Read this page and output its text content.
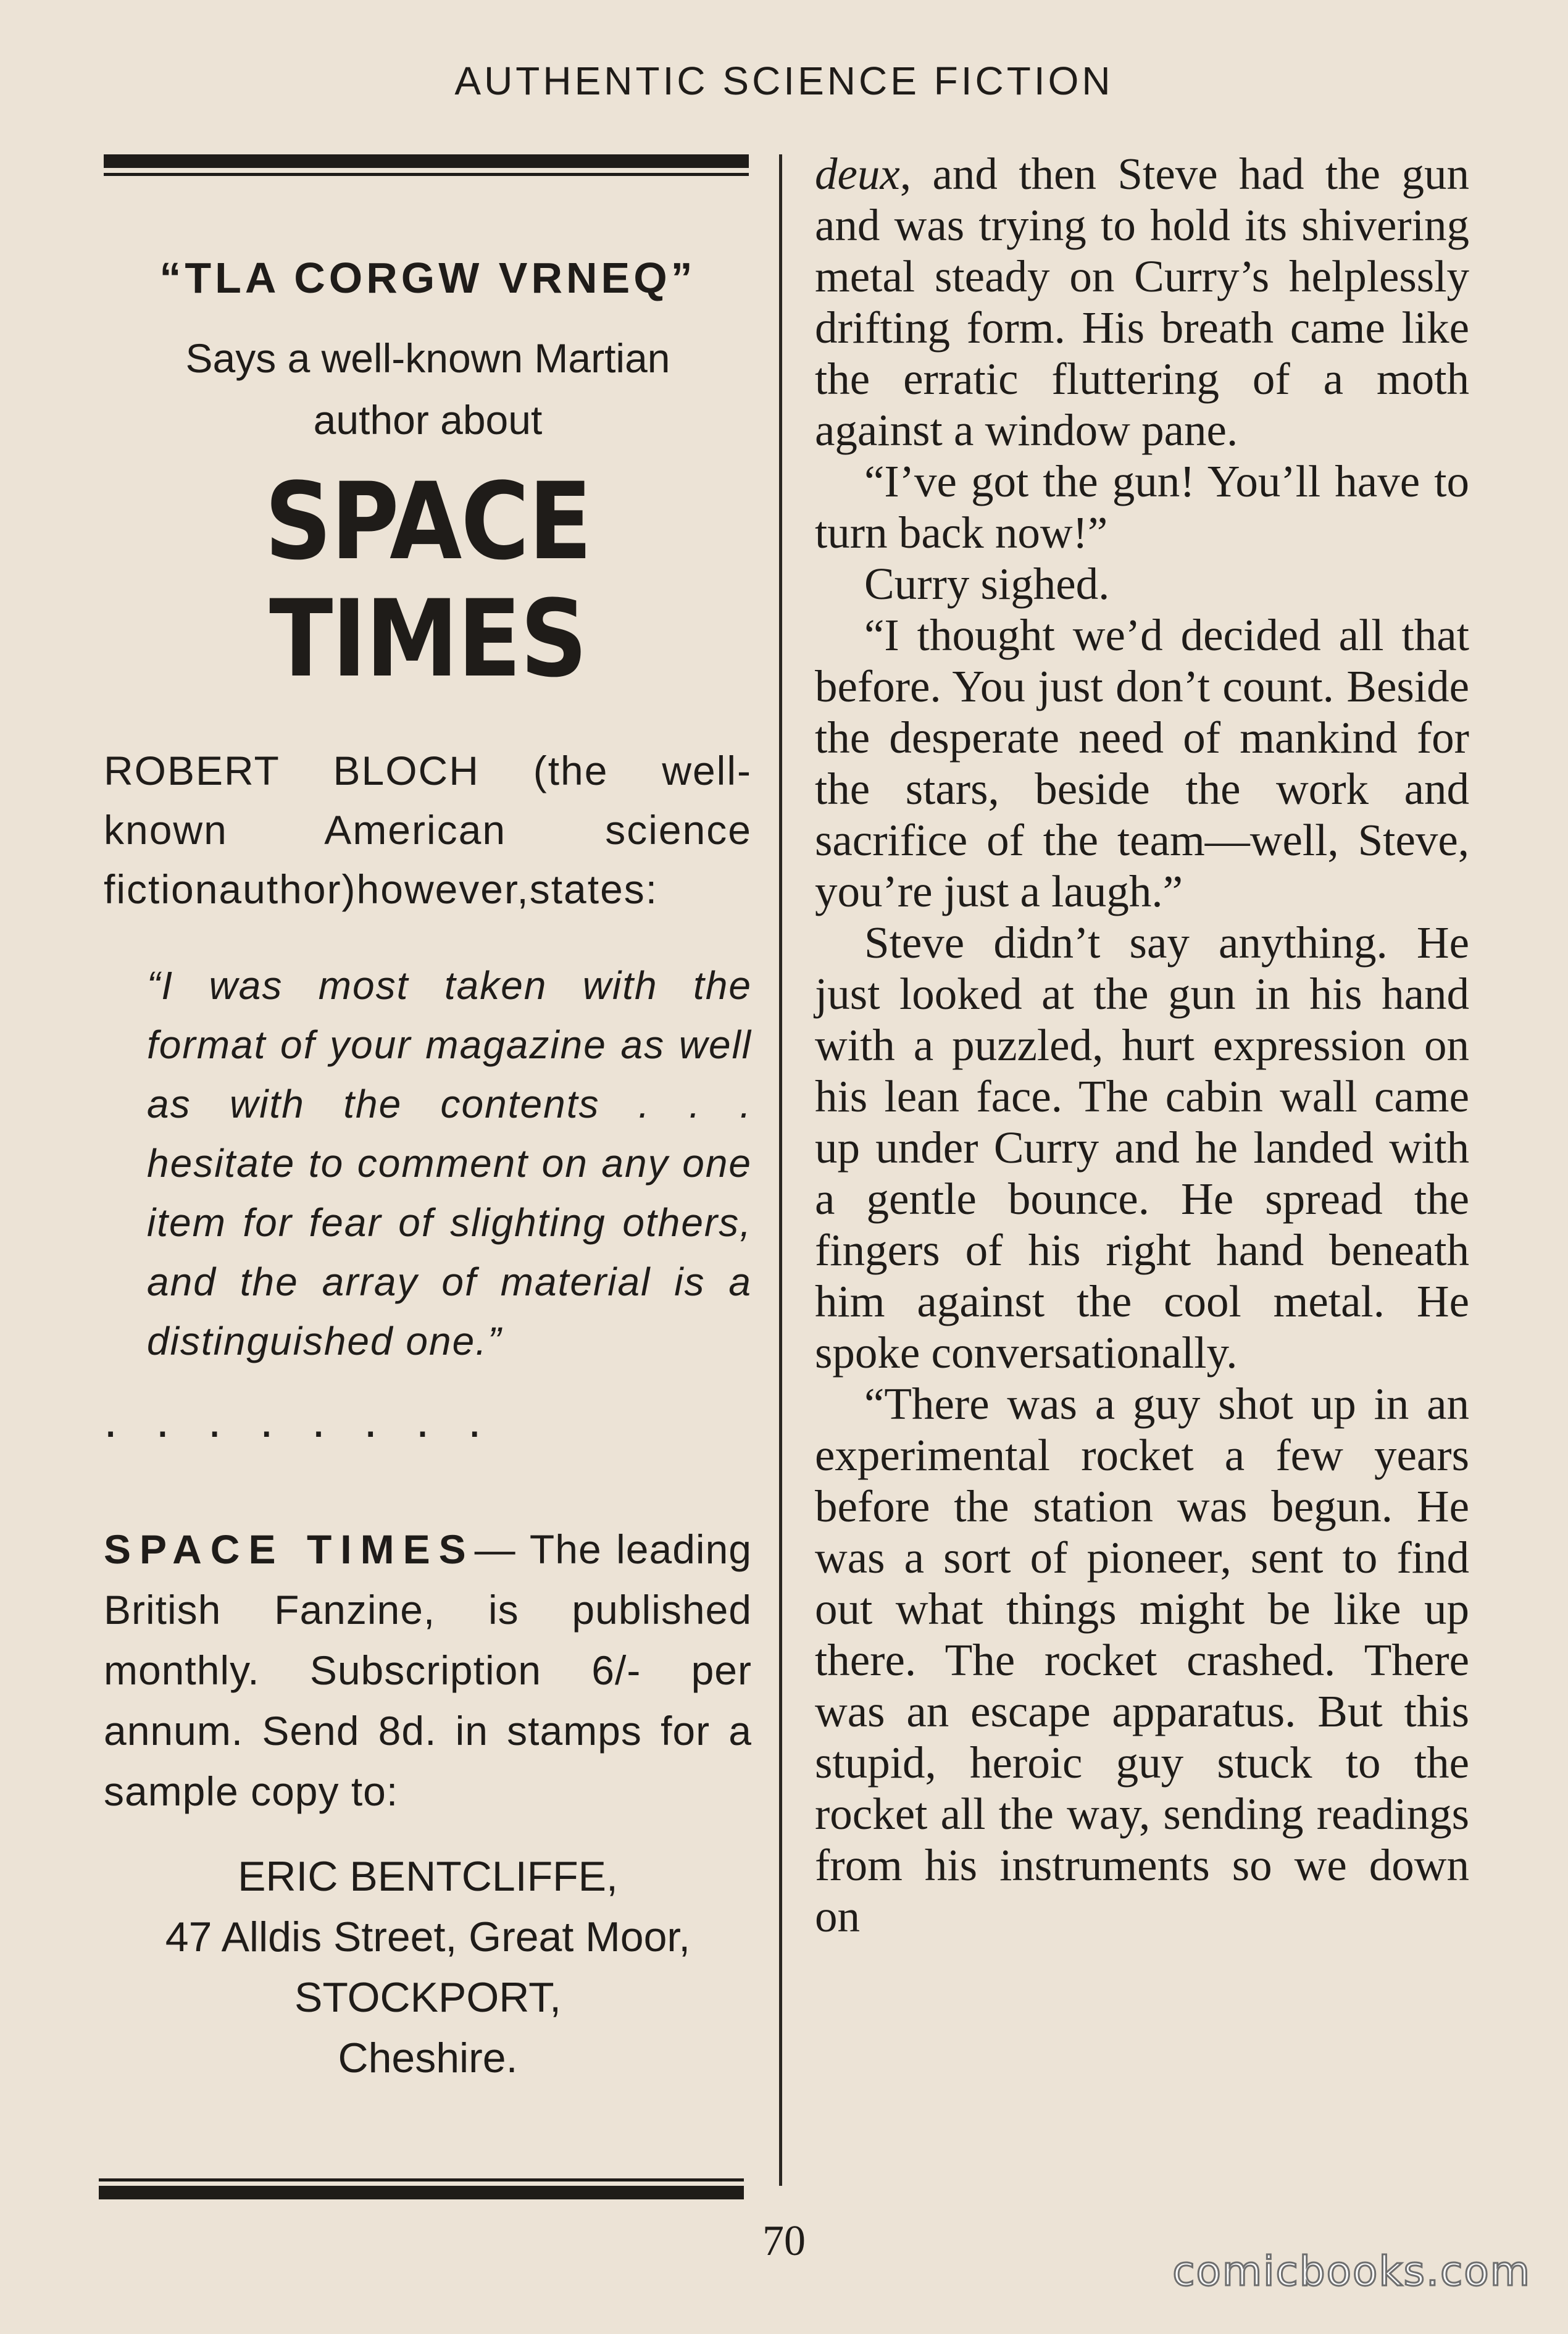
AUTHENTIC SCIENCE FICTION
“TLA CORGW VRNEQ”
Says a well-known Martian
author about
SPACE TIMES
ROBERT BLOCH (the well-known American science fictionauthor)however,states:
“I was most taken with the format of your magazine as well as with the contents . . . hesitate to comment on any one item for fear of slighting others, and the array of material is a distinguished one.”
........
SPACE TIMES— The leading British Fanzine, is published monthly. Subscription 6/- per annum. Send 8d. in stamps for a sample copy to:
ERIC BENTCLIFFE,
47 Alldis Street, Great Moor,
STOCKPORT,
Cheshire.

deux, and then Steve had the gun and was trying to hold its shivering metal steady on Curry’s helplessly drifting form. His breath came like the erratic fluttering of a moth against a window pane.

“I’ve got the gun! You’ll have to turn back now!”

Curry sighed.

“I thought we’d decided all that before. You just don’t count. Beside the desperate need of mankind for the stars, beside the work and sacrifice of the team—well, Steve, you’re just a laugh.”

Steve didn’t say anything. He just looked at the gun in his hand with a puzzled, hurt expression on his lean face. The cabin wall came up under Curry and he landed with a gentle bounce. He spread the fingers of his right hand beneath him against the cool metal. He spoke conversationally.

“There was a guy shot up in an experimental rocket a few years before the station was begun. He was a sort of pioneer, sent to find out what things might be like up there. The rocket crashed. There was an escape apparatus. But this stupid, heroic guy stuck to the rocket all the way, sending readings from his instruments so we down on

70
comicbooks.com
